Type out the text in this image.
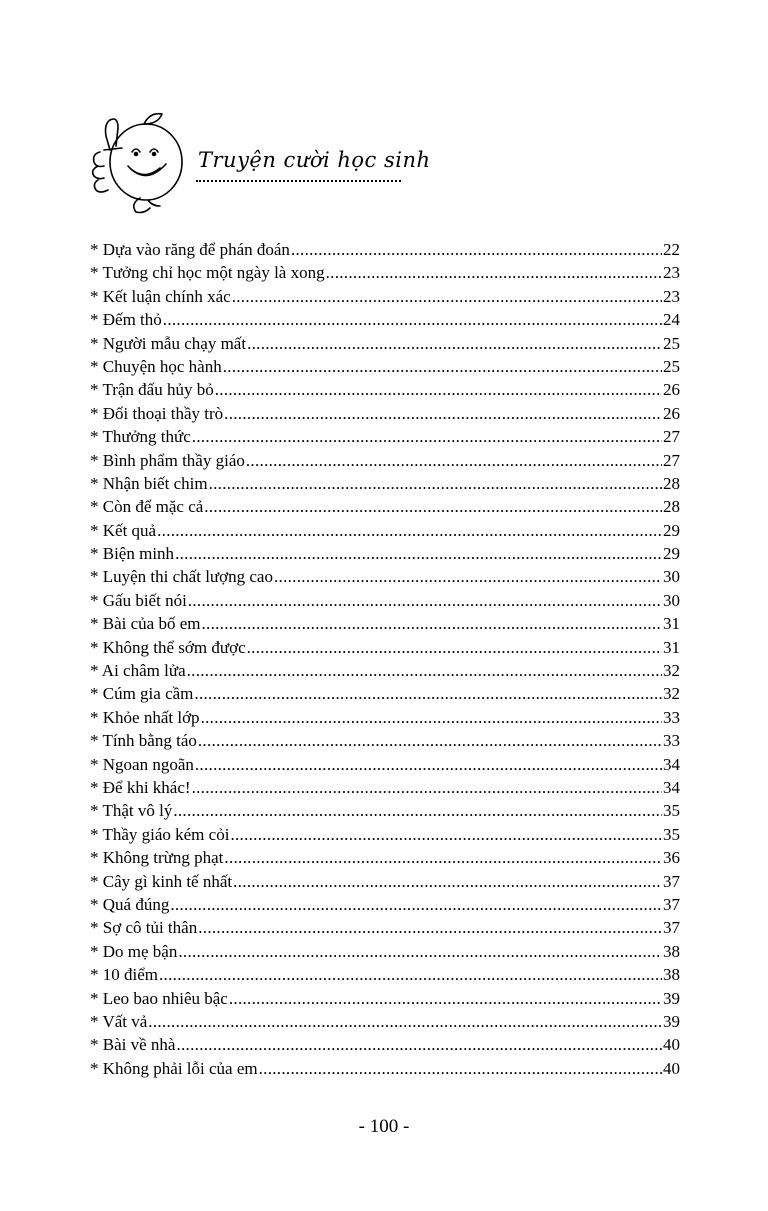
Truyện cười học sinh
* Dựa vào răng để phán đoán .....	22
* Tưởng chỉ học một ngày là xong .....	23
* Kết luận chính xác .....	23
* Đếm thỏ .....	24
* Người mẫu chạy mất .....	25
* Chuyện học hành .....	25
* Trận đấu hủy bỏ .....	26
* Đối thoại thầy trò .....	26
* Thưởng thức .....	27
* Bình phẩm thầy giáo .....	27
* Nhận biết chim .....	28
* Còn để mặc cả .....	28
* Kết quả .....	29
* Biện minh .....	29
* Luyện thi chất lượng cao .....	30
* Gấu biết nói .....	30
* Bài của bố em .....	31
* Không thể sớm được .....	31
* Ai châm lửa .....	32
* Cúm gia cầm .....	32
* Khỏe nhất lớp .....	33
* Tính bằng táo .....	33
* Ngoan ngoãn .....	34
* Để khi khác! .....	34
* Thật vô lý .....	35
* Thầy giáo kém cỏi .....	35
* Không trừng phạt .....	36
* Cây gì kinh tế nhất .....	37
* Quá đúng .....	37
* Sợ cô tủi thân .....	37
* Do mẹ bận .....	38
* 10 điểm .....	38
* Leo bao nhiêu bậc .....	39
* Vất vả .....	39
* Bài về nhà .....	40
* Không phải lỗi của em .....	40
- 100 -
